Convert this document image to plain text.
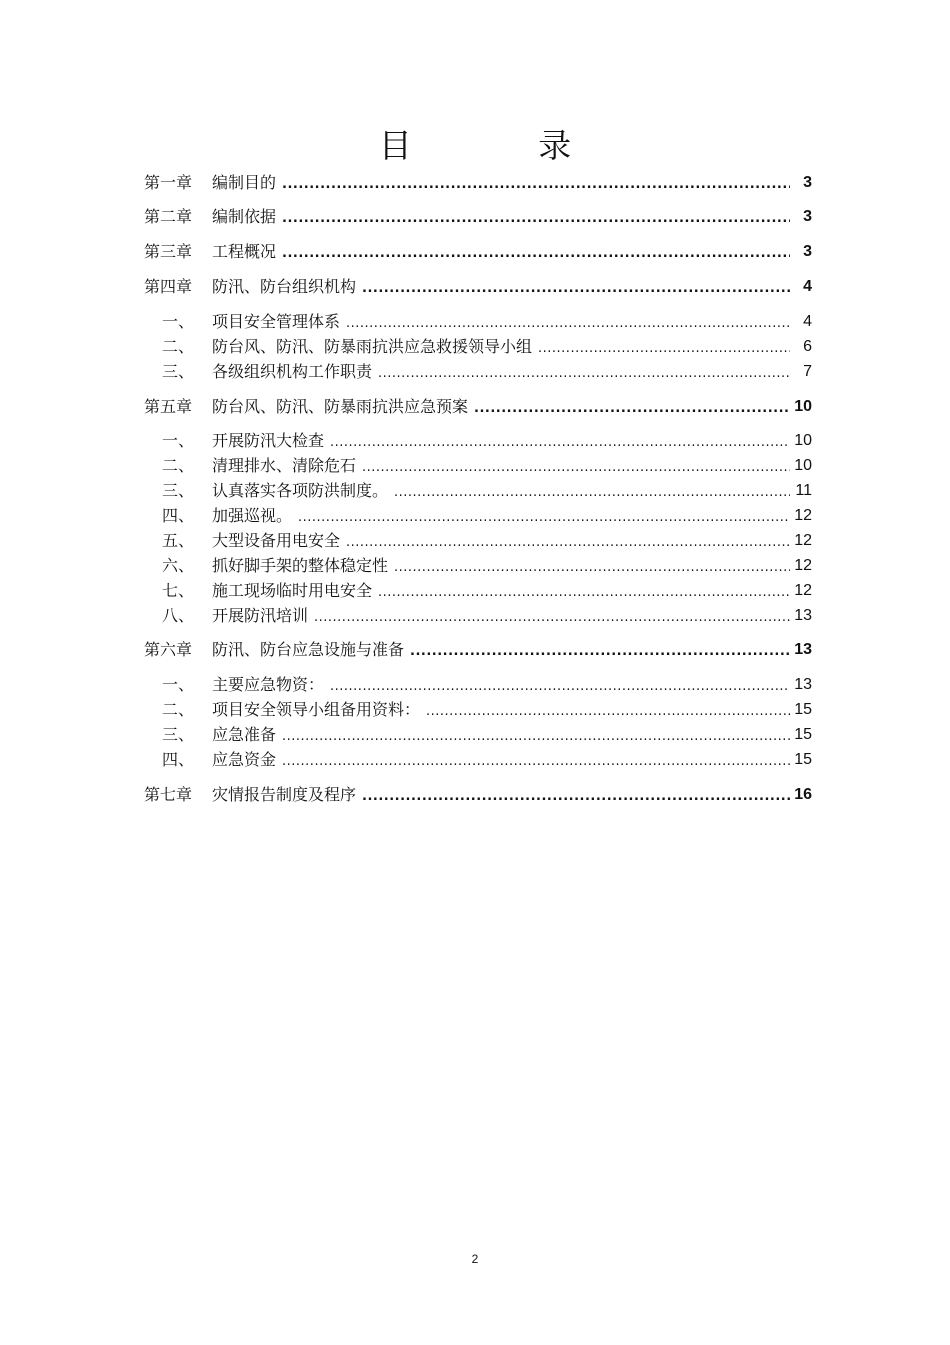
目 录
第一章	编制目的 .....	3
第二章	编制依据 .....	3
第三章	工程概况 .....	3
第四章	防汛、防台组织机构 .....	4
一、	项目安全管理体系 .....	4
二、	防台风、防汛、防暴雨抗洪应急救援领导小组 .....	6
三、	各级组织机构工作职责 .....	7
第五章	防台风、防汛、防暴雨抗洪应急预案 .....	10
一、	开展防汛大检查 .....	10
二、	清理排水、清除危石 .....	10
三、	认真落实各项防洪制度。 .....	11
四、	加强巡视。 .....	12
五、	大型设备用电安全 .....	12
六、	抓好脚手架的整体稳定性 .....	12
七、	施工现场临时用电安全 .....	12
八、	开展防汛培训 .....	13
第六章	防汛、防台应急设施与准备 .....	13
一、	主要应急物资： .....	13
二、	项目安全领导小组备用资料： .....	15
三、	应急准备 .....	15
四、	应急资金 .....	15
第七章	灾情报告制度及程序 .....	16
2
